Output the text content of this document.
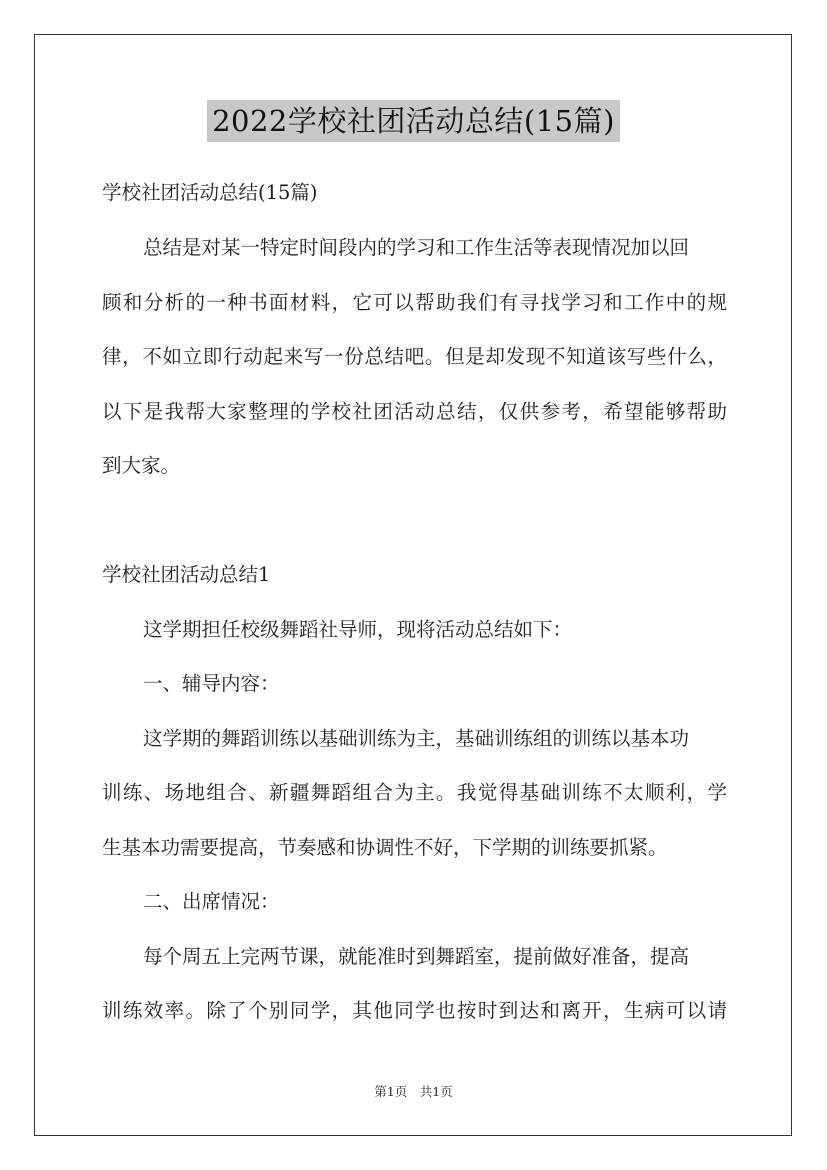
2022学校社团活动总结(15篇)
学校社团活动总结(15篇)
总结是对某一特定时间段内的学习和工作生活等表现情况加以回
顾和分析的一种书面材料，它可以帮助我们有寻找学习和工作中的规
律，不如立即行动起来写一份总结吧。但是却发现不知道该写些什么，
以下是我帮大家整理的学校社团活动总结，仅供参考，希望能够帮助
到大家。
学校社团活动总结1
这学期担任校级舞蹈社导师，现将活动总结如下：
一、辅导内容：
这学期的舞蹈训练以基础训练为主，基础训练组的训练以基本功
训练、场地组合、新疆舞蹈组合为主。我觉得基础训练不太顺利，学
生基本功需要提高，节奏感和协调性不好，下学期的训练要抓紧。
二、出席情况：
每个周五上完两节课，就能准时到舞蹈室，提前做好准备，提高
训练效率。除了个别同学，其他同学也按时到达和离开，生病可以请
第1页　共1页
